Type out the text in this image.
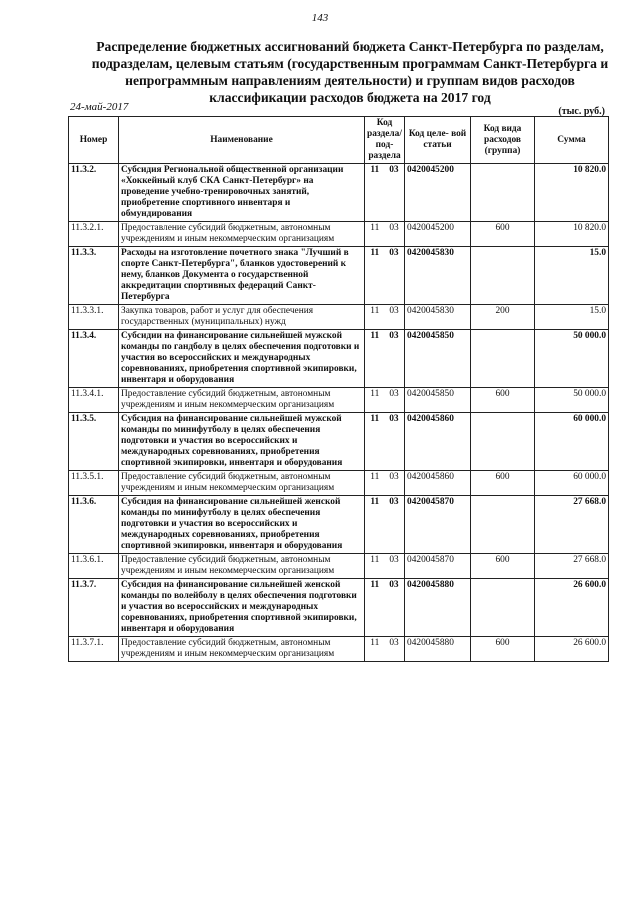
143
Распределение бюджетных ассигнований бюджета Санкт-Петербурга по разделам, подразделам, целевым статьям (государственным программам Санкт-Петербурга и непрограммным направлениям деятельности) и группам видов расходов классификации расходов бюджета на 2017 год
24-май-2017	(тыс. руб.)
Номер	Наименование	Код раздела/ под- раздела	Код целе- вой статьи	Код вида расходов (группа)	Сумма
11.3.2.	Субсидия Региональной общественной организации «Хоккейный клуб СКА Санкт-Петербург» на проведение учебно-тренировочных занятий, приобретение спортивного инвентаря и обмундирования	11 03	0420045200		10 820.0
11.3.2.1.	Предоставление субсидий бюджетным, автономным учреждениям и иным некоммерческим организациям	11 03	0420045200	600	10 820.0
11.3.3.	Расходы на изготовление почетного знака "Лучший в спорте Санкт-Петербурга", бланков удостоверений к нему, бланков Документа о государственной аккредитации спортивных федераций Санкт-Петербурга	11 03	0420045830		15.0
11.3.3.1.	Закупка товаров, работ и услуг для обеспечения государственных (муниципальных) нужд	11 03	0420045830	200	15.0
11.3.4.	Субсидии на финансирование сильнейшей мужской команды по гандболу в целях обеспечения подготовки и участия во всероссийских и международных соревнованиях, приобретения спортивной экипировки, инвентаря и оборудования	11 03	0420045850		50 000.0
11.3.4.1.	Предоставление субсидий бюджетным, автономным учреждениям и иным некоммерческим организациям	11 03	0420045850	600	50 000.0
11.3.5.	Субсидия на финансирование сильнейшей мужской команды по минифутболу в целях обеспечения подготовки и участия во всероссийских и международных соревнованиях, приобретения спортивной экипировки, инвентаря и оборудования	11 03	0420045860		60 000.0
11.3.5.1.	Предоставление субсидий бюджетным, автономным учреждениям и иным некоммерческим организациям	11 03	0420045860	600	60 000.0
11.3.6.	Субсидия на финансирование сильнейшей женской команды по минифутболу в целях обеспечения подготовки и участия во всероссийских и международных соревнованиях, приобретения спортивной экипировки, инвентаря и оборудования	11 03	0420045870		27 668.0
11.3.6.1.	Предоставление субсидий бюджетным, автономным учреждениям и иным некоммерческим организациям	11 03	0420045870	600	27 668.0
11.3.7.	Субсидия на финансирование сильнейшей женской команды по волейболу в целях обеспечения подготовки и участия во всероссийских и международных соревнованиях, приобретения спортивной экипировки, инвентаря и оборудования	11 03	0420045880		26 600.0
11.3.7.1.	Предоставление субсидий бюджетным, автономным учреждениям и иным некоммерческим организациям	11 03	0420045880	600	26 600.0
